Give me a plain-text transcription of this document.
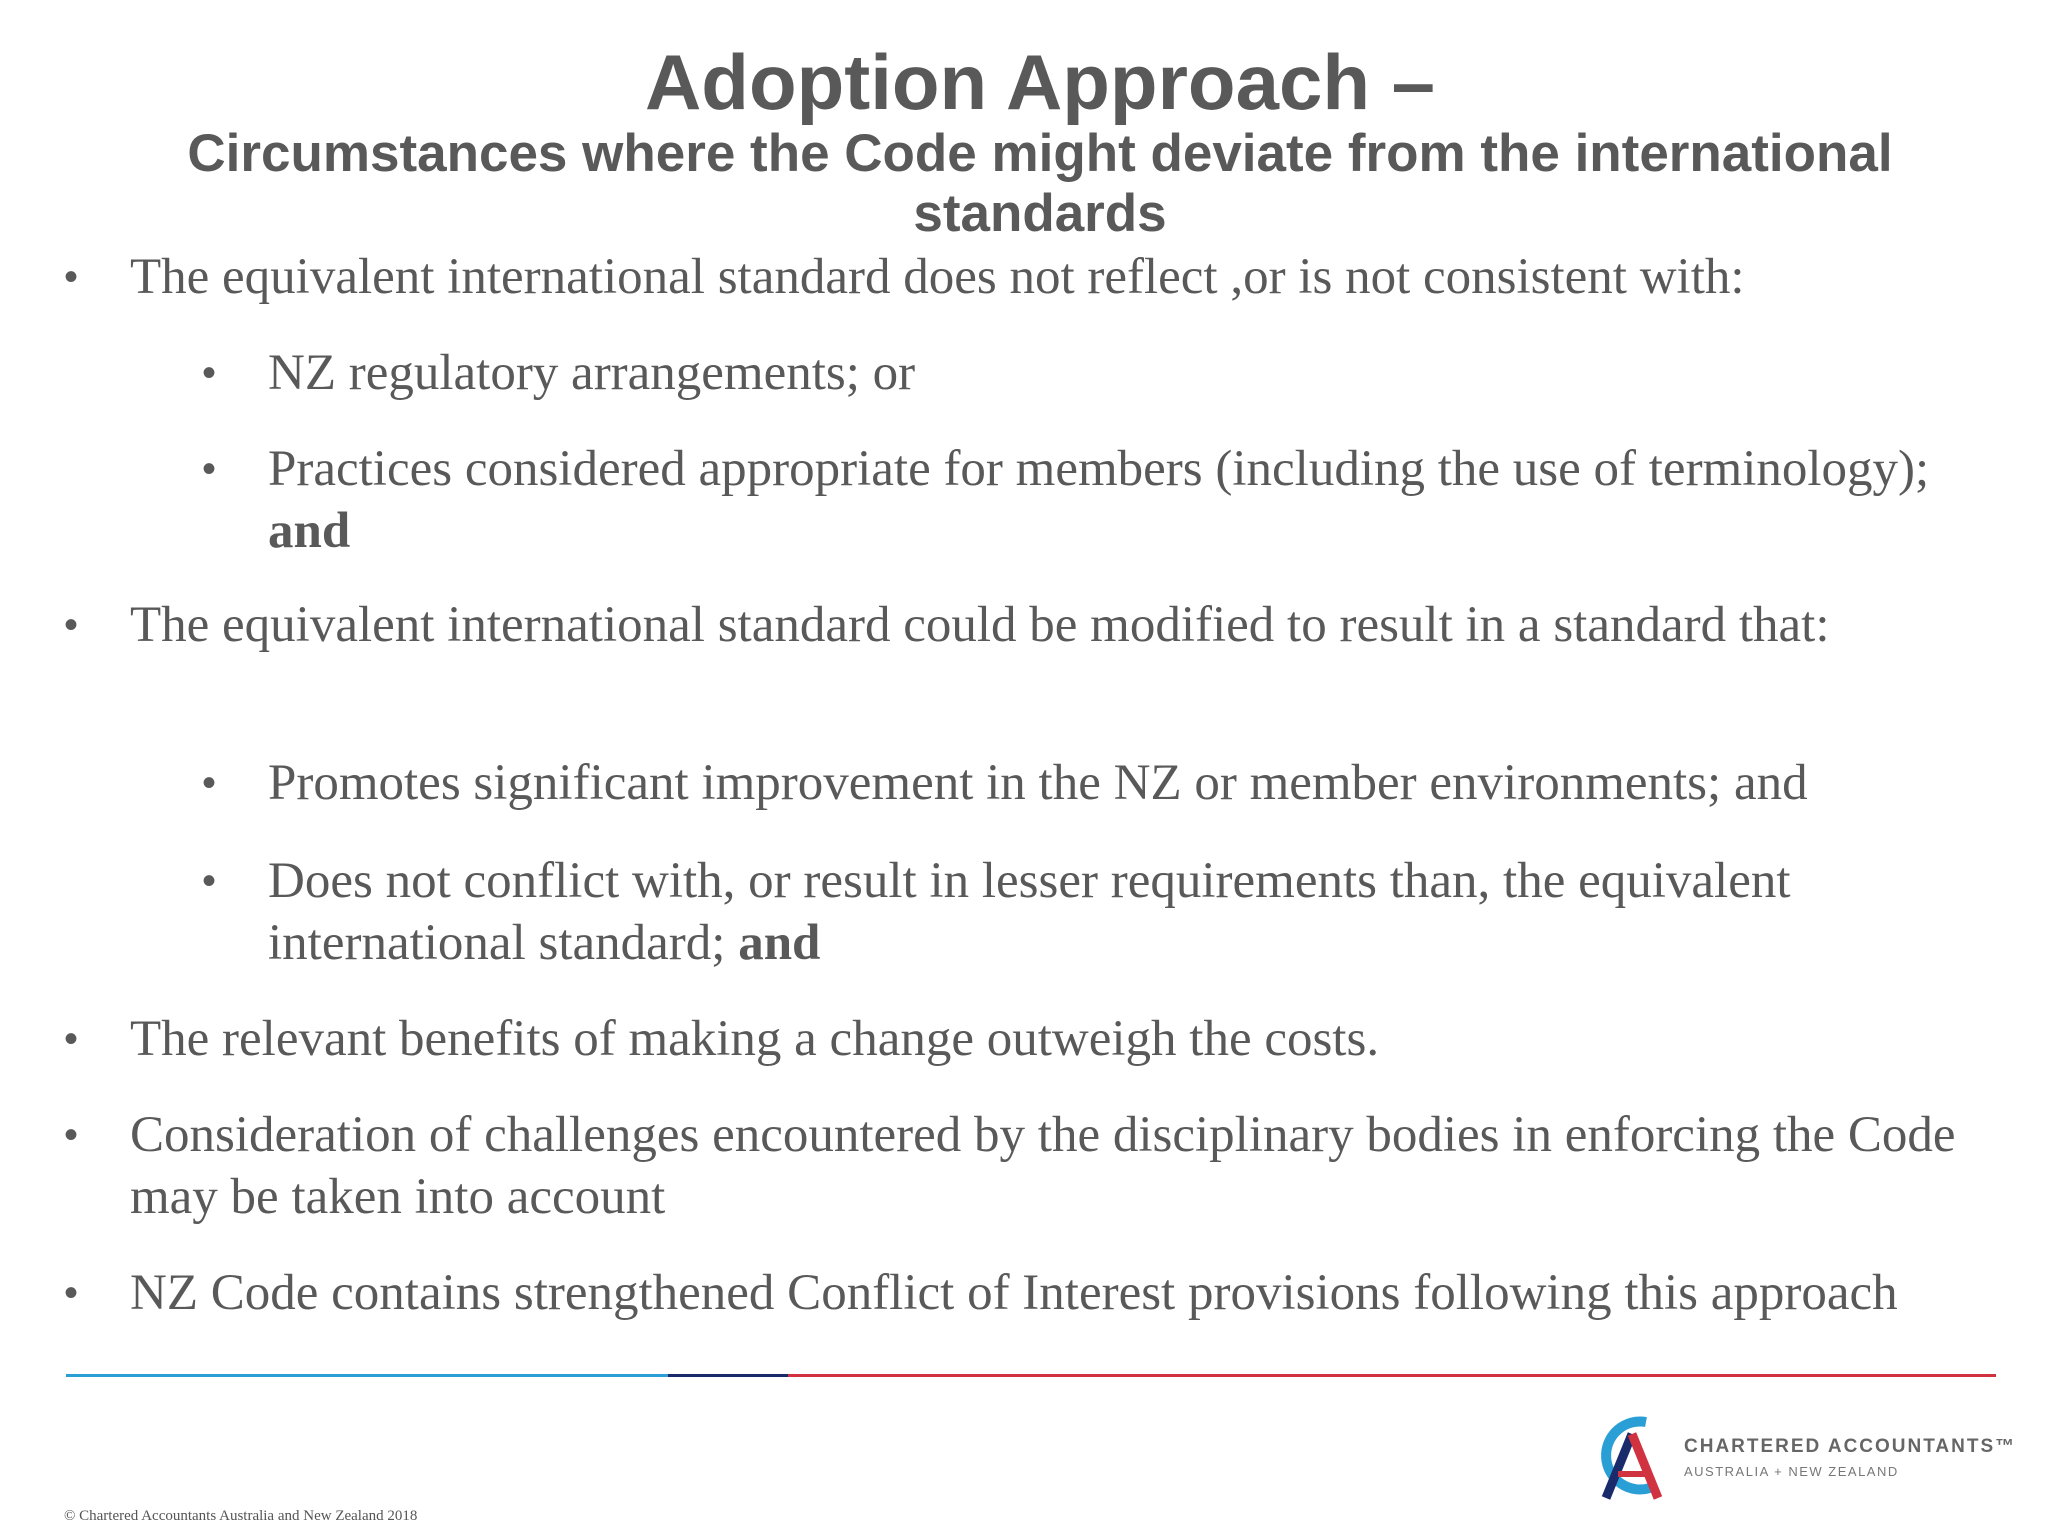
Adoption Approach –
Circumstances where the Code might deviate from the international standards
• The equivalent international standard does not reflect ,or is not consistent with:
• NZ regulatory arrangements; or
• Practices considered appropriate for members (including the use of terminology); and
• The equivalent international standard could be modified to result in a standard that:
• Promotes significant improvement in the NZ or member environments; and
• Does not conflict with, or result in lesser requirements than, the equivalent international standard; and
• The relevant benefits of making a change outweigh the costs.
• Consideration of challenges encountered by the disciplinary bodies in enforcing the Code may be taken into account
• NZ Code contains strengthened Conflict of Interest provisions following this approach
CHARTERED ACCOUNTANTS™
AUSTRALIA + NEW ZEALAND
© Chartered Accountants Australia and New Zealand 2018
